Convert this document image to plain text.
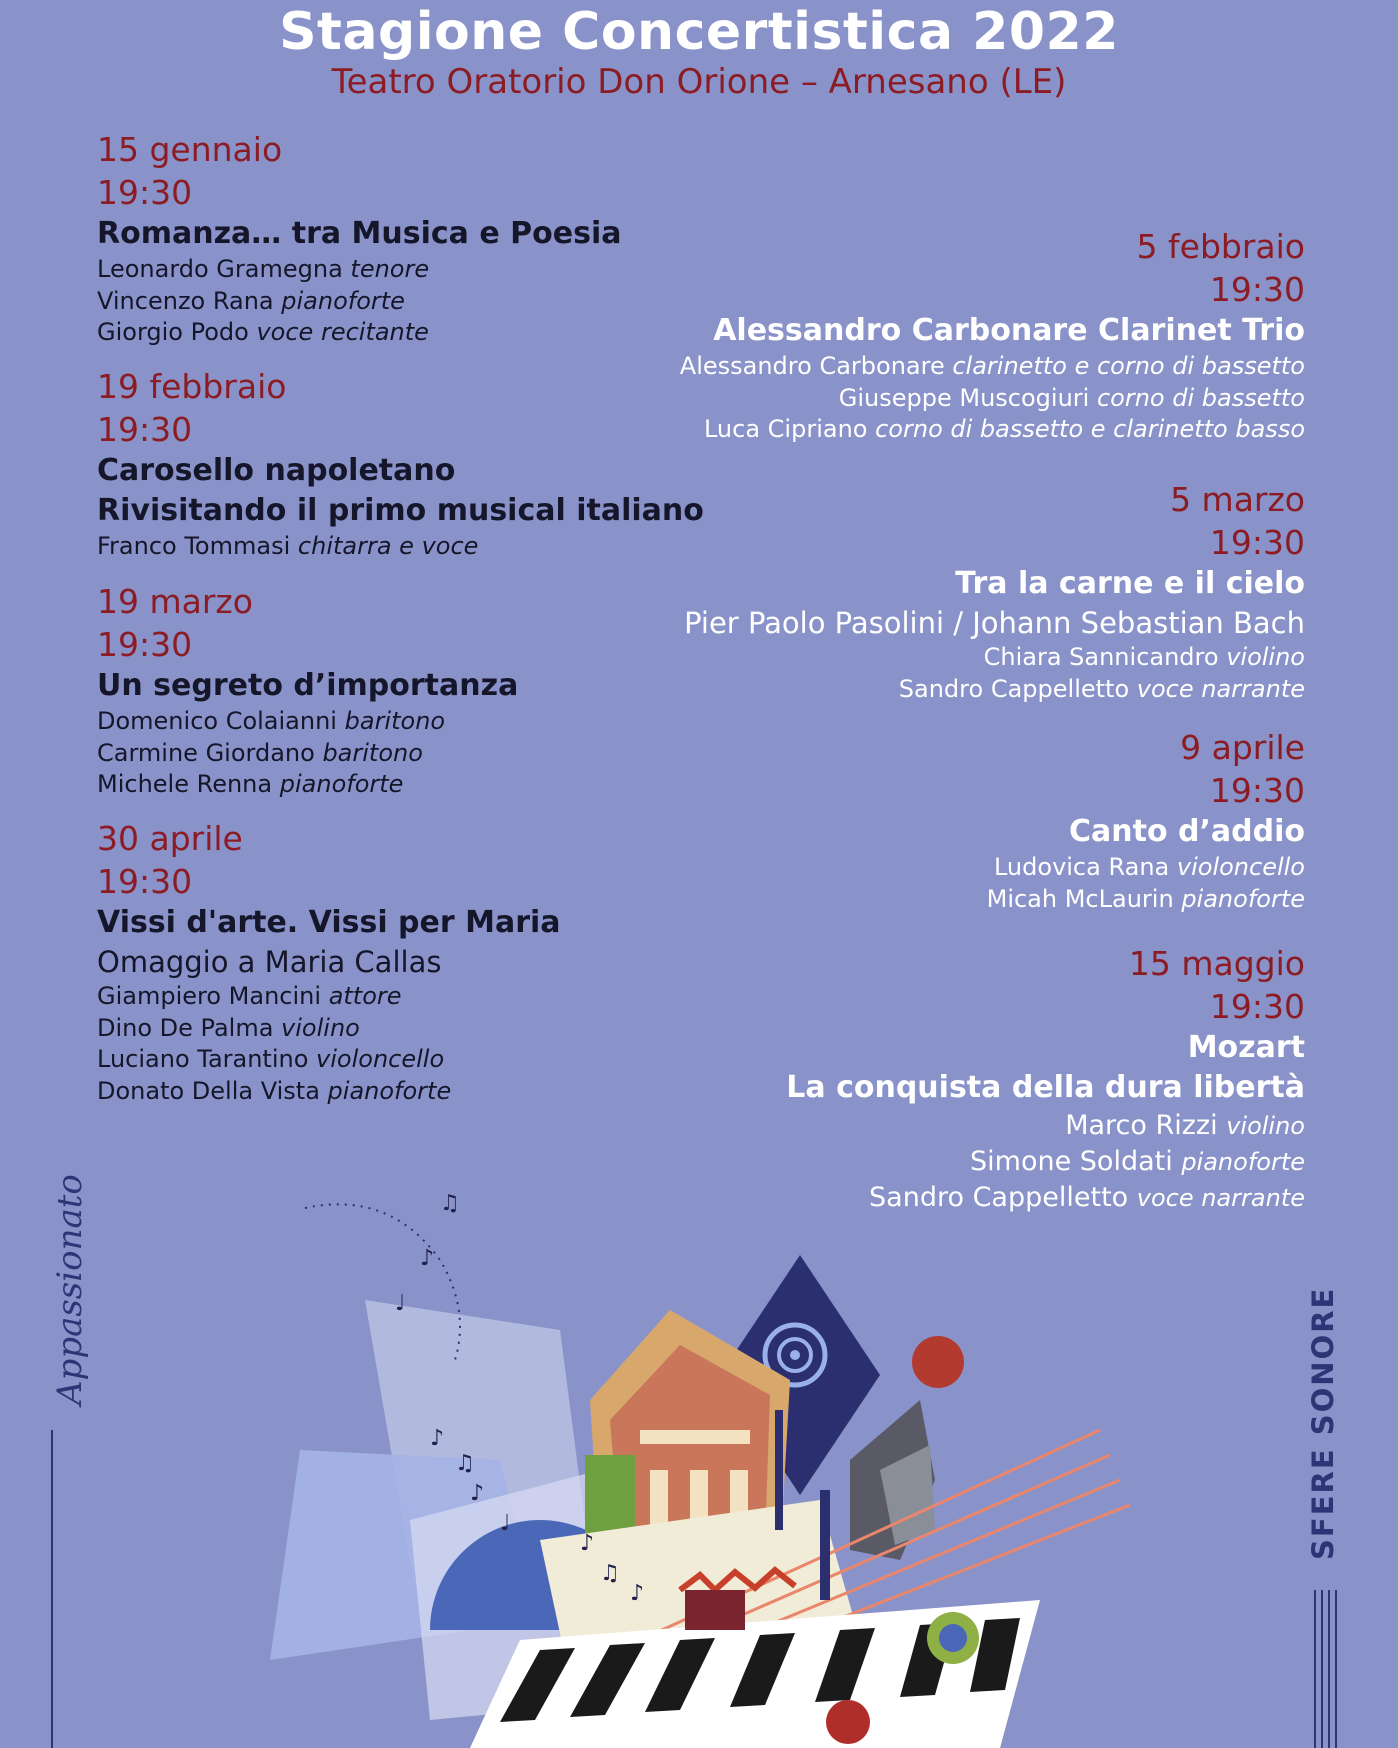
Stagione Concertistica 2022
Teatro Oratorio Don Orione – Arnesano (LE)
15 gennaio
19:30
Romanza… tra Musica e Poesia
Leonardo Gramegna tenore
Vincenzo Rana pianoforte
Giorgio Podo voce recitante
19 febbraio
19:30
Carosello napoletano
Rivisitando il primo musical italiano
Franco Tommasi chitarra e voce
19 marzo
19:30
Un segreto d’importanza
Domenico Colaianni baritono
Carmine Giordano baritono
Michele Renna pianoforte
30 aprile
19:30
Vissi d'arte. Vissi per Maria
Omaggio a Maria Callas
Giampiero Mancini attore
Dino De Palma violino
Luciano Tarantino violoncello
Donato Della Vista pianoforte
5 febbraio
19:30
Alessandro Carbonare Clarinet Trio
Alessandro Carbonare clarinetto e corno di bassetto
Giuseppe Muscogiuri corno di bassetto
Luca Cipriano corno di bassetto e clarinetto basso
5 marzo
19:30
Tra la carne e il cielo
Pier Paolo Pasolini / Johann Sebastian Bach
Chiara Sannicandro violino
Sandro Cappelletto voce narrante
9 aprile
19:30
Canto d’addio
Ludovica Rana violoncello
Micah McLaurin pianoforte
15 maggio
19:30
Mozart
La conquista della dura libertà
Marco Rizzi violino
Simone Soldati pianoforte
Sandro Cappelletto voce narrante
♪
♫
♪
♩
♪
♫
♪
♩
♪
♫
Appassionato	SFERE SONORE
